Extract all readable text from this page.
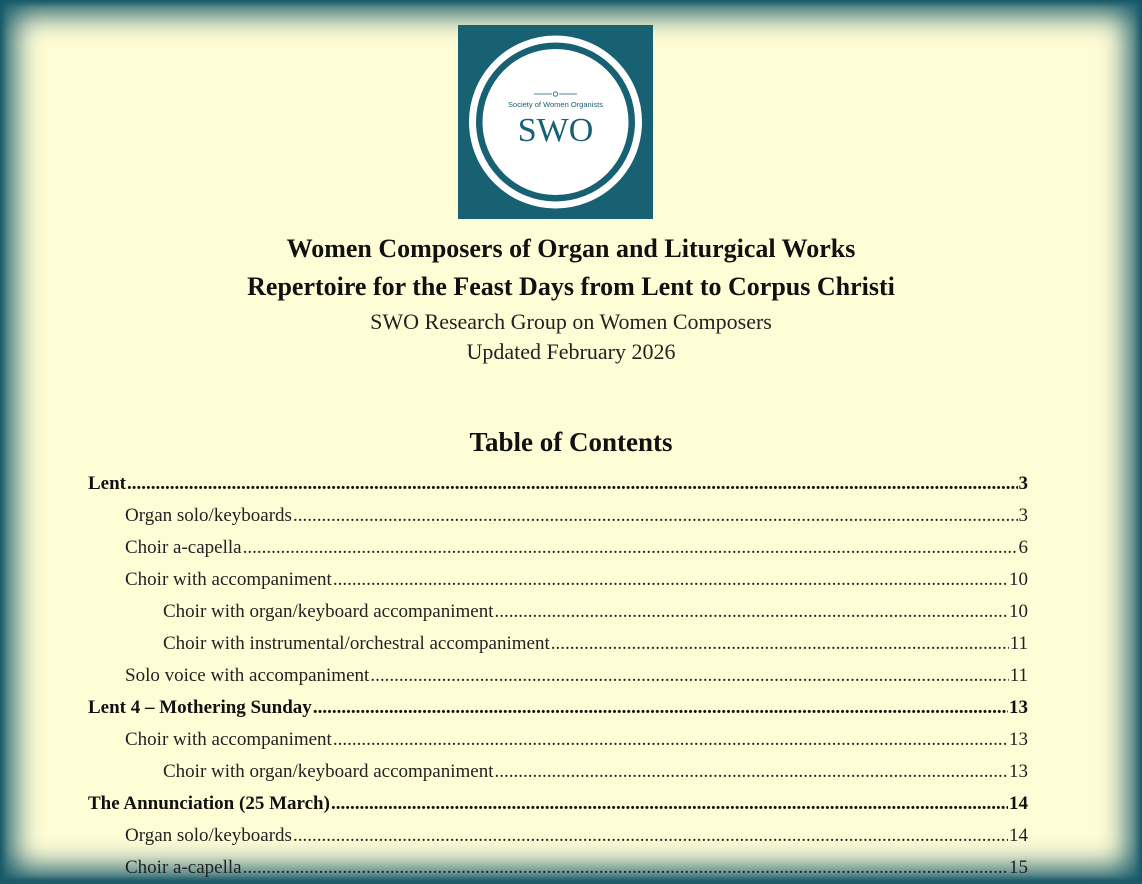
Society of Women Organists
SWO
Women Composers of Organ and Liturgical Works
Repertoire for the Feast Days from Lent to Corpus Christi
SWO Research Group on Women Composers
Updated February 2026
Table of Contents
Lent .....	3
Organ solo/keyboards .....	3
Choir a-capella .....	6
Choir with accompaniment .....	10
Choir with organ/keyboard accompaniment .....	10
Choir with instrumental/orchestral accompaniment .....	11
Solo voice with accompaniment .....	11
Lent 4 – Mothering Sunday .....	13
Choir with accompaniment .....	13
Choir with organ/keyboard accompaniment .....	13
The Annunciation (25 March) .....	14
Organ solo/keyboards .....	14
Choir a-capella .....	15
